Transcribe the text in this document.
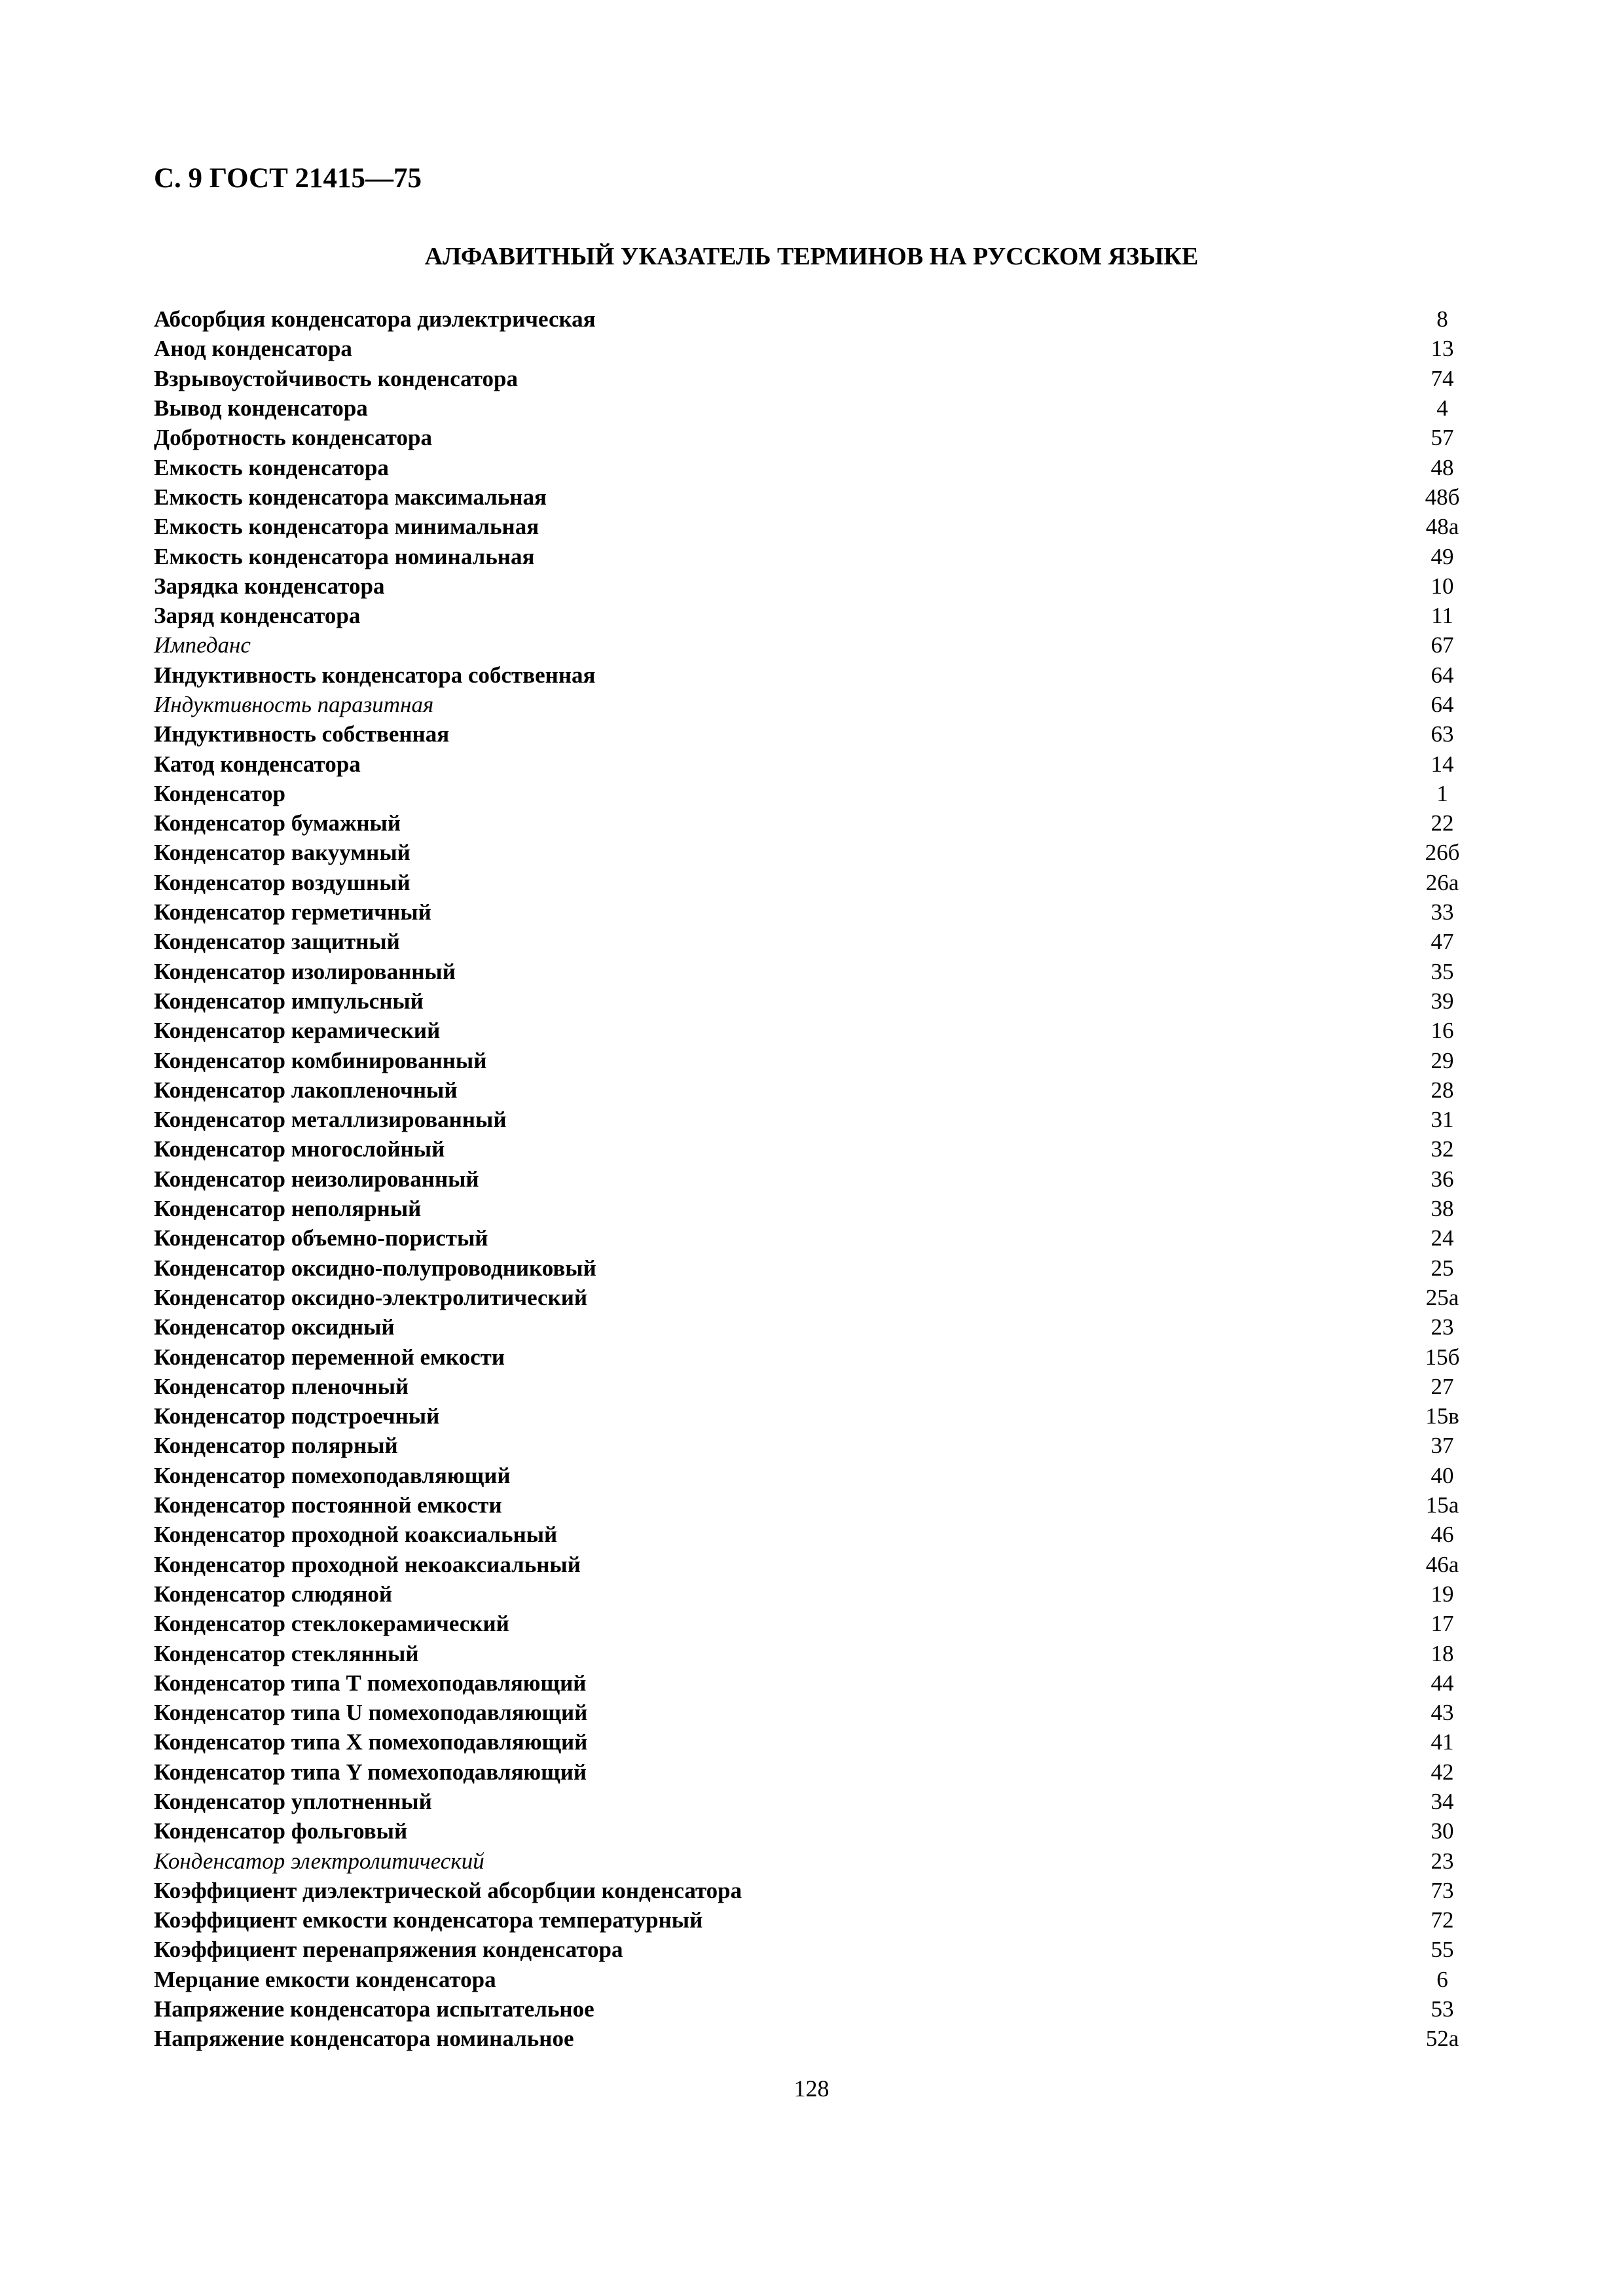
С. 9 ГОСТ 21415—75
АЛФАВИТНЫЙ УКАЗАТЕЛЬ ТЕРМИНОВ НА РУССКОМ ЯЗЫКЕ
Абсорбция конденсатора диэлектрическая	8
Анод конденсатора	13
Взрывоустойчивость конденсатора	74
Вывод конденсатора	4
Добротность конденсатора	57
Емкость конденсатора	48
Емкость конденсатора максимальная	48б
Емкость конденсатора минимальная	48а
Емкость конденсатора номинальная	49
Зарядка конденсатора	10
Заряд конденсатора	11
Импеданс	67
Индуктивность конденсатора собственная	64
Индуктивность паразитная	64
Индуктивность собственная	63
Катод конденсатора	14
Конденсатор	1
Конденсатор бумажный	22
Конденсатор вакуумный	26б
Конденсатор воздушный	26а
Конденсатор герметичный	33
Конденсатор защитный	47
Конденсатор изолированный	35
Конденсатор импульсный	39
Конденсатор керамический	16
Конденсатор комбинированный	29
Конденсатор лакопленочный	28
Конденсатор металлизированный	31
Конденсатор многослойный	32
Конденсатор неизолированный	36
Конденсатор неполярный	38
Конденсатор объемно-пористый	24
Конденсатор оксидно-полупроводниковый	25
Конденсатор оксидно-электролитический	25а
Конденсатор оксидный	23
Конденсатор переменной емкости	15б
Конденсатор пленочный	27
Конденсатор подстроечный	15в
Конденсатор полярный	37
Конденсатор помехоподавляющий	40
Конденсатор постоянной емкости	15а
Конденсатор проходной коаксиальный	46
Конденсатор проходной некоаксиальный	46а
Конденсатор слюдяной	19
Конденсатор стеклокерамический	17
Конденсатор стеклянный	18
Конденсатор типа Т помехоподавляющий	44
Конденсатор типа U помехоподавляющий	43
Конденсатор типа Х помехоподавляющий	41
Конденсатор типа Y помехоподавляющий	42
Конденсатор уплотненный	34
Конденсатор фольговый	30
Конденсатор электролитический	23
Коэффициент диэлектрической абсорбции конденсатора	73
Коэффициент емкости конденсатора температурный	72
Коэффициент перенапряжения конденсатора	55
Мерцание емкости конденсатора	6
Напряжение конденсатора испытательное	53
Напряжение конденсатора номинальное	52а
128
